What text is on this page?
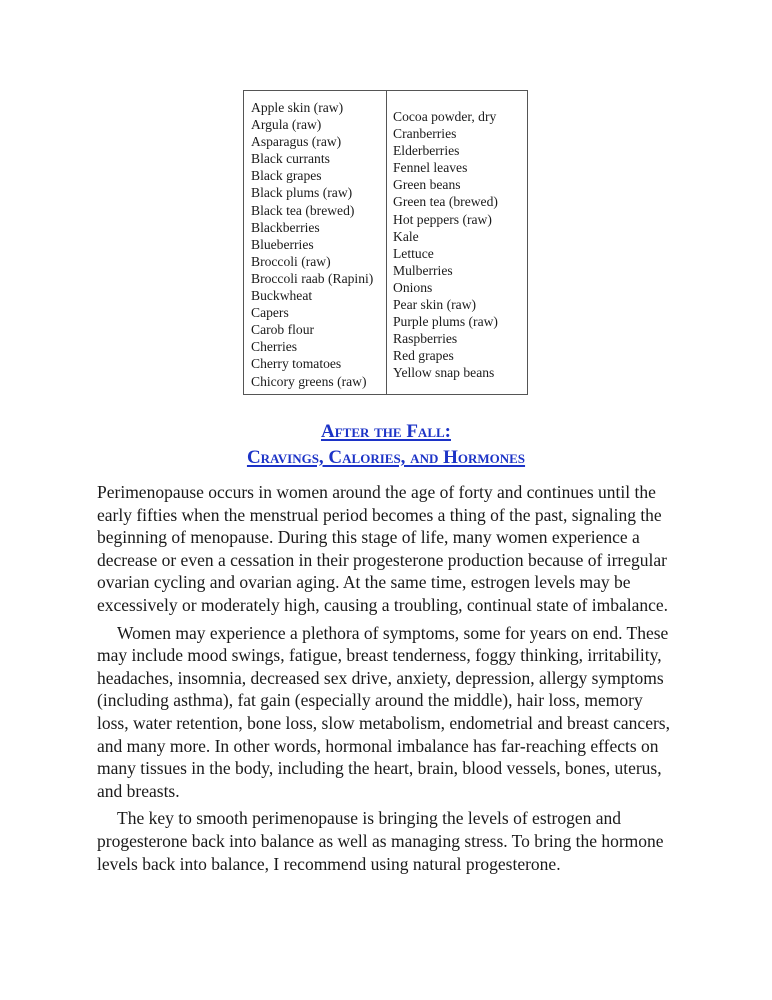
Apple skin (raw)
Argula (raw)
Asparagus (raw)
Black currants
Black grapes
Black plums (raw)
Black tea (brewed)
Blackberries
Blueberries
Broccoli (raw)
Broccoli raab (Rapini)
Buckwheat
Capers
Carob flour
Cherries
Cherry tomatoes
Chicory greens (raw)
Cocoa powder, dry
Cranberries
Elderberries
Fennel leaves
Green beans
Green tea (brewed)
Hot peppers (raw)
Kale
Lettuce
Mulberries
Onions
Pear skin (raw)
Purple plums (raw)
Raspberries
Red grapes
Yellow snap beans
After the Fall:
Cravings, Calories, and Hormones

Perimenopause occurs in women around the age of forty and continues until the early fifties when the menstrual period becomes a thing of the past, signaling the beginning of menopause. During this stage of life, many women experience a decrease or even a cessation in their progesterone production because of irregular ovarian cycling and ovarian aging. At the same time, estrogen levels may be excessively or moderately high, causing a troubling, continual state of imbalance.

Women may experience a plethora of symptoms, some for years on end. These may include mood swings, fatigue, breast tenderness, foggy thinking, irritability, headaches, insomnia, decreased sex drive, anxiety, depression, allergy symptoms (including asthma), fat gain (especially around the middle), hair loss, memory loss, water retention, bone loss, slow metabolism, endometrial and breast cancers, and many more. In other words, hormonal imbalance has far-reaching effects on many tissues in the body, including the heart, brain, blood vessels, bones, uterus, and breasts.

The key to smooth perimenopause is bringing the levels of estrogen and progesterone back into balance as well as managing stress. To bring the hormone levels back into balance, I recommend using natural progesterone.
